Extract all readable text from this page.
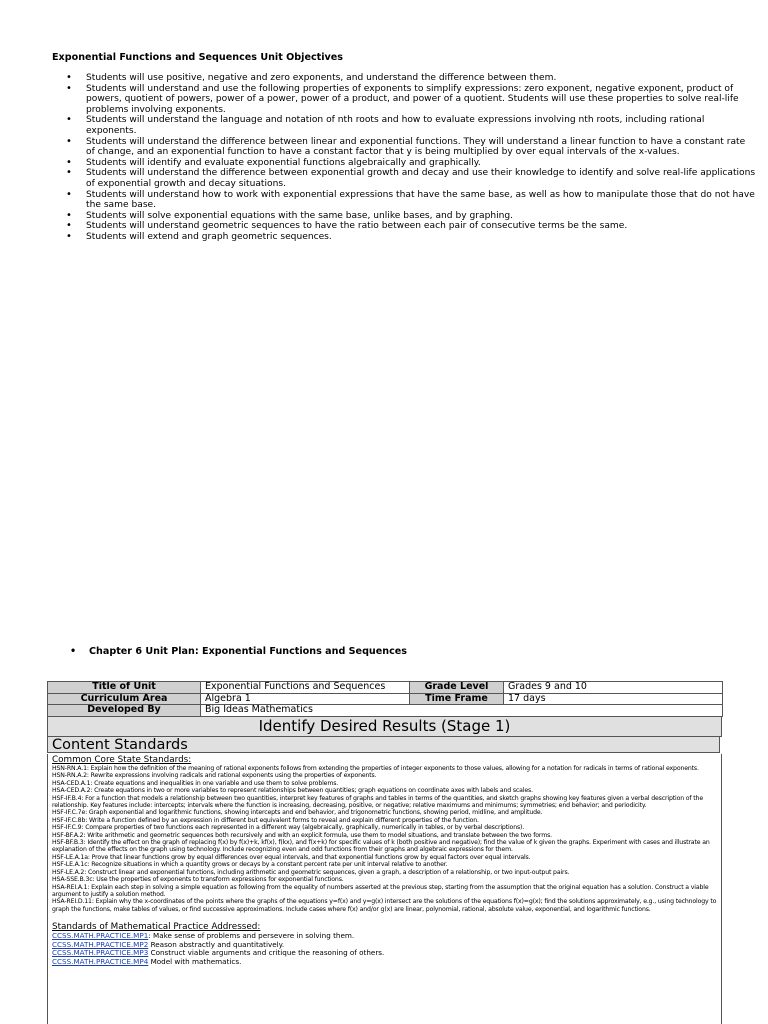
Exponential Functions and Sequences Unit Objectives
• Students will use positive, negative and zero exponents, and understand the difference between them.
• Students will understand and use the following properties of exponents to simplify expressions: zero exponent, negative exponent, product of powers, quotient of powers, power of a power, power of a product, and power of a quotient. Students will use these properties to solve real-life problems involving exponents.
• Students will understand the language and notation of nth roots and how to evaluate expressions involving nth roots, including rational exponents.
• Students will understand the difference between linear and exponential functions. They will understand a linear function to have a constant rate of change, and an exponential function to have a constant factor that y is being multiplied by over equal intervals of the x-values.
• Students will identify and evaluate exponential functions algebraically and graphically.
• Students will understand the difference between exponential growth and decay and use their knowledge to identify and solve real-life applications of exponential growth and decay situations.
• Students will understand how to work with exponential expressions that have the same base, as well as how to manipulate those that do not have the same base.
• Students will solve exponential equations with the same base, unlike bases, and by graphing.
• Students will understand geometric sequences to have the ratio between each pair of consecutive terms be the same.
• Students will extend and graph geometric sequences.
• Chapter 6 Unit Plan: Exponential Functions and Sequences
Title of Unit	Exponential Functions and Sequences	Grade Level	Grades 9 and 10
Curriculum Area	Algebra 1	Time Frame	17 days
Developed By	Big Ideas Mathematics		
Identify Desired Results (Stage 1)
Content Standards
Common Core State Standards:
HSN-RN.A.1: Explain how the definition of the meaning of rational exponents follows from extending the properties of integer exponents to those values, allowing for a notation for radicals in terms of rational exponents.
HSN-RN.A.2: Rewrite expressions involving radicals and rational exponents using the properties of exponents.
HSA-CED.A.1: Create equations and inequalities in one variable and use them to solve problems.
HSA-CED.A.2: Create equations in two or more variables to represent relationships between quantities; graph equations on coordinate axes with labels and scales.
HSF-IF.B.4: For a function that models a relationship between two quantities, interpret key features of graphs and tables in terms of the quantities, and sketch graphs showing key features given a verbal description of the relationship. Key features include: intercepts; intervals where the function is increasing, decreasing, positive, or negative; relative maximums and minimums; symmetries; end behavior; and periodicity.
HSF-IF.C.7e: Graph exponential and logarithmic functions, showing intercepts and end behavior, and trigonometric functions, showing period, midline, and amplitude.
HSF-IF.C.8b: Write a function defined by an expression in different but equivalent forms to reveal and explain different properties of the function.
HSF-IF.C.9: Compare properties of two functions each represented in a different way (algebraically, graphically, numerically in tables, or by verbal descriptions).
HSF-BF.A.2: Write arithmetic and geometric sequences both recursively and with an explicit formula, use them to model situations, and translate between the two forms.
HSF-BF.B.3: Identify the effect on the graph of replacing f(x) by f(x)+k, kf(x), f(kx), and f(x+k) for specific values of k (both positive and negative); find the value of k given the graphs. Experiment with cases and illustrate an explanation of the effects on the graph using technology. Include recognizing even and odd functions from their graphs and algebraic expressions for them.
HSF-LE.A.1a: Prove that linear functions grow by equal differences over equal intervals, and that exponential functions grow by equal factors over equal intervals.
HSF-LE.A.1c: Recognize situations in which a quantity grows or decays by a constant percent rate per unit interval relative to another.
HSF-LE.A.2: Construct linear and exponential functions, including arithmetic and geometric sequences, given a graph, a description of a relationship, or two input-output pairs.
HSA-SSE.B.3c: Use the properties of exponents to transform expressions for exponential functions.
HSA-REI.A.1: Explain each step in solving a simple equation as following from the equality of numbers asserted at the previous step, starting from the assumption that the original equation has a solution. Construct a viable argument to justify a solution method.
HSA-REI.D.11: Explain why the x-coordinates of the points where the graphs of the equations y=f(x) and y=g(x) intersect are the solutions of the equations f(x)=g(x); find the solutions approximately, e.g., using technology to graph the functions, make tables of values, or find successive approximations. Include cases where f(x) and/or g(x) are linear, polynomial, rational, absolute value, exponential, and logarithmic functions.
Standards of Mathematical Practice Addressed:
CCSS.MATH.PRACTICE.MP1: Make sense of problems and persevere in solving them.
CCSS.MATH.PRACTICE.MP2 Reason abstractly and quantitatively.
CCSS.MATH.PRACTICE.MP3 Construct viable arguments and critique the reasoning of others.
CCSS.MATH.PRACTICE.MP4 Model with mathematics.
